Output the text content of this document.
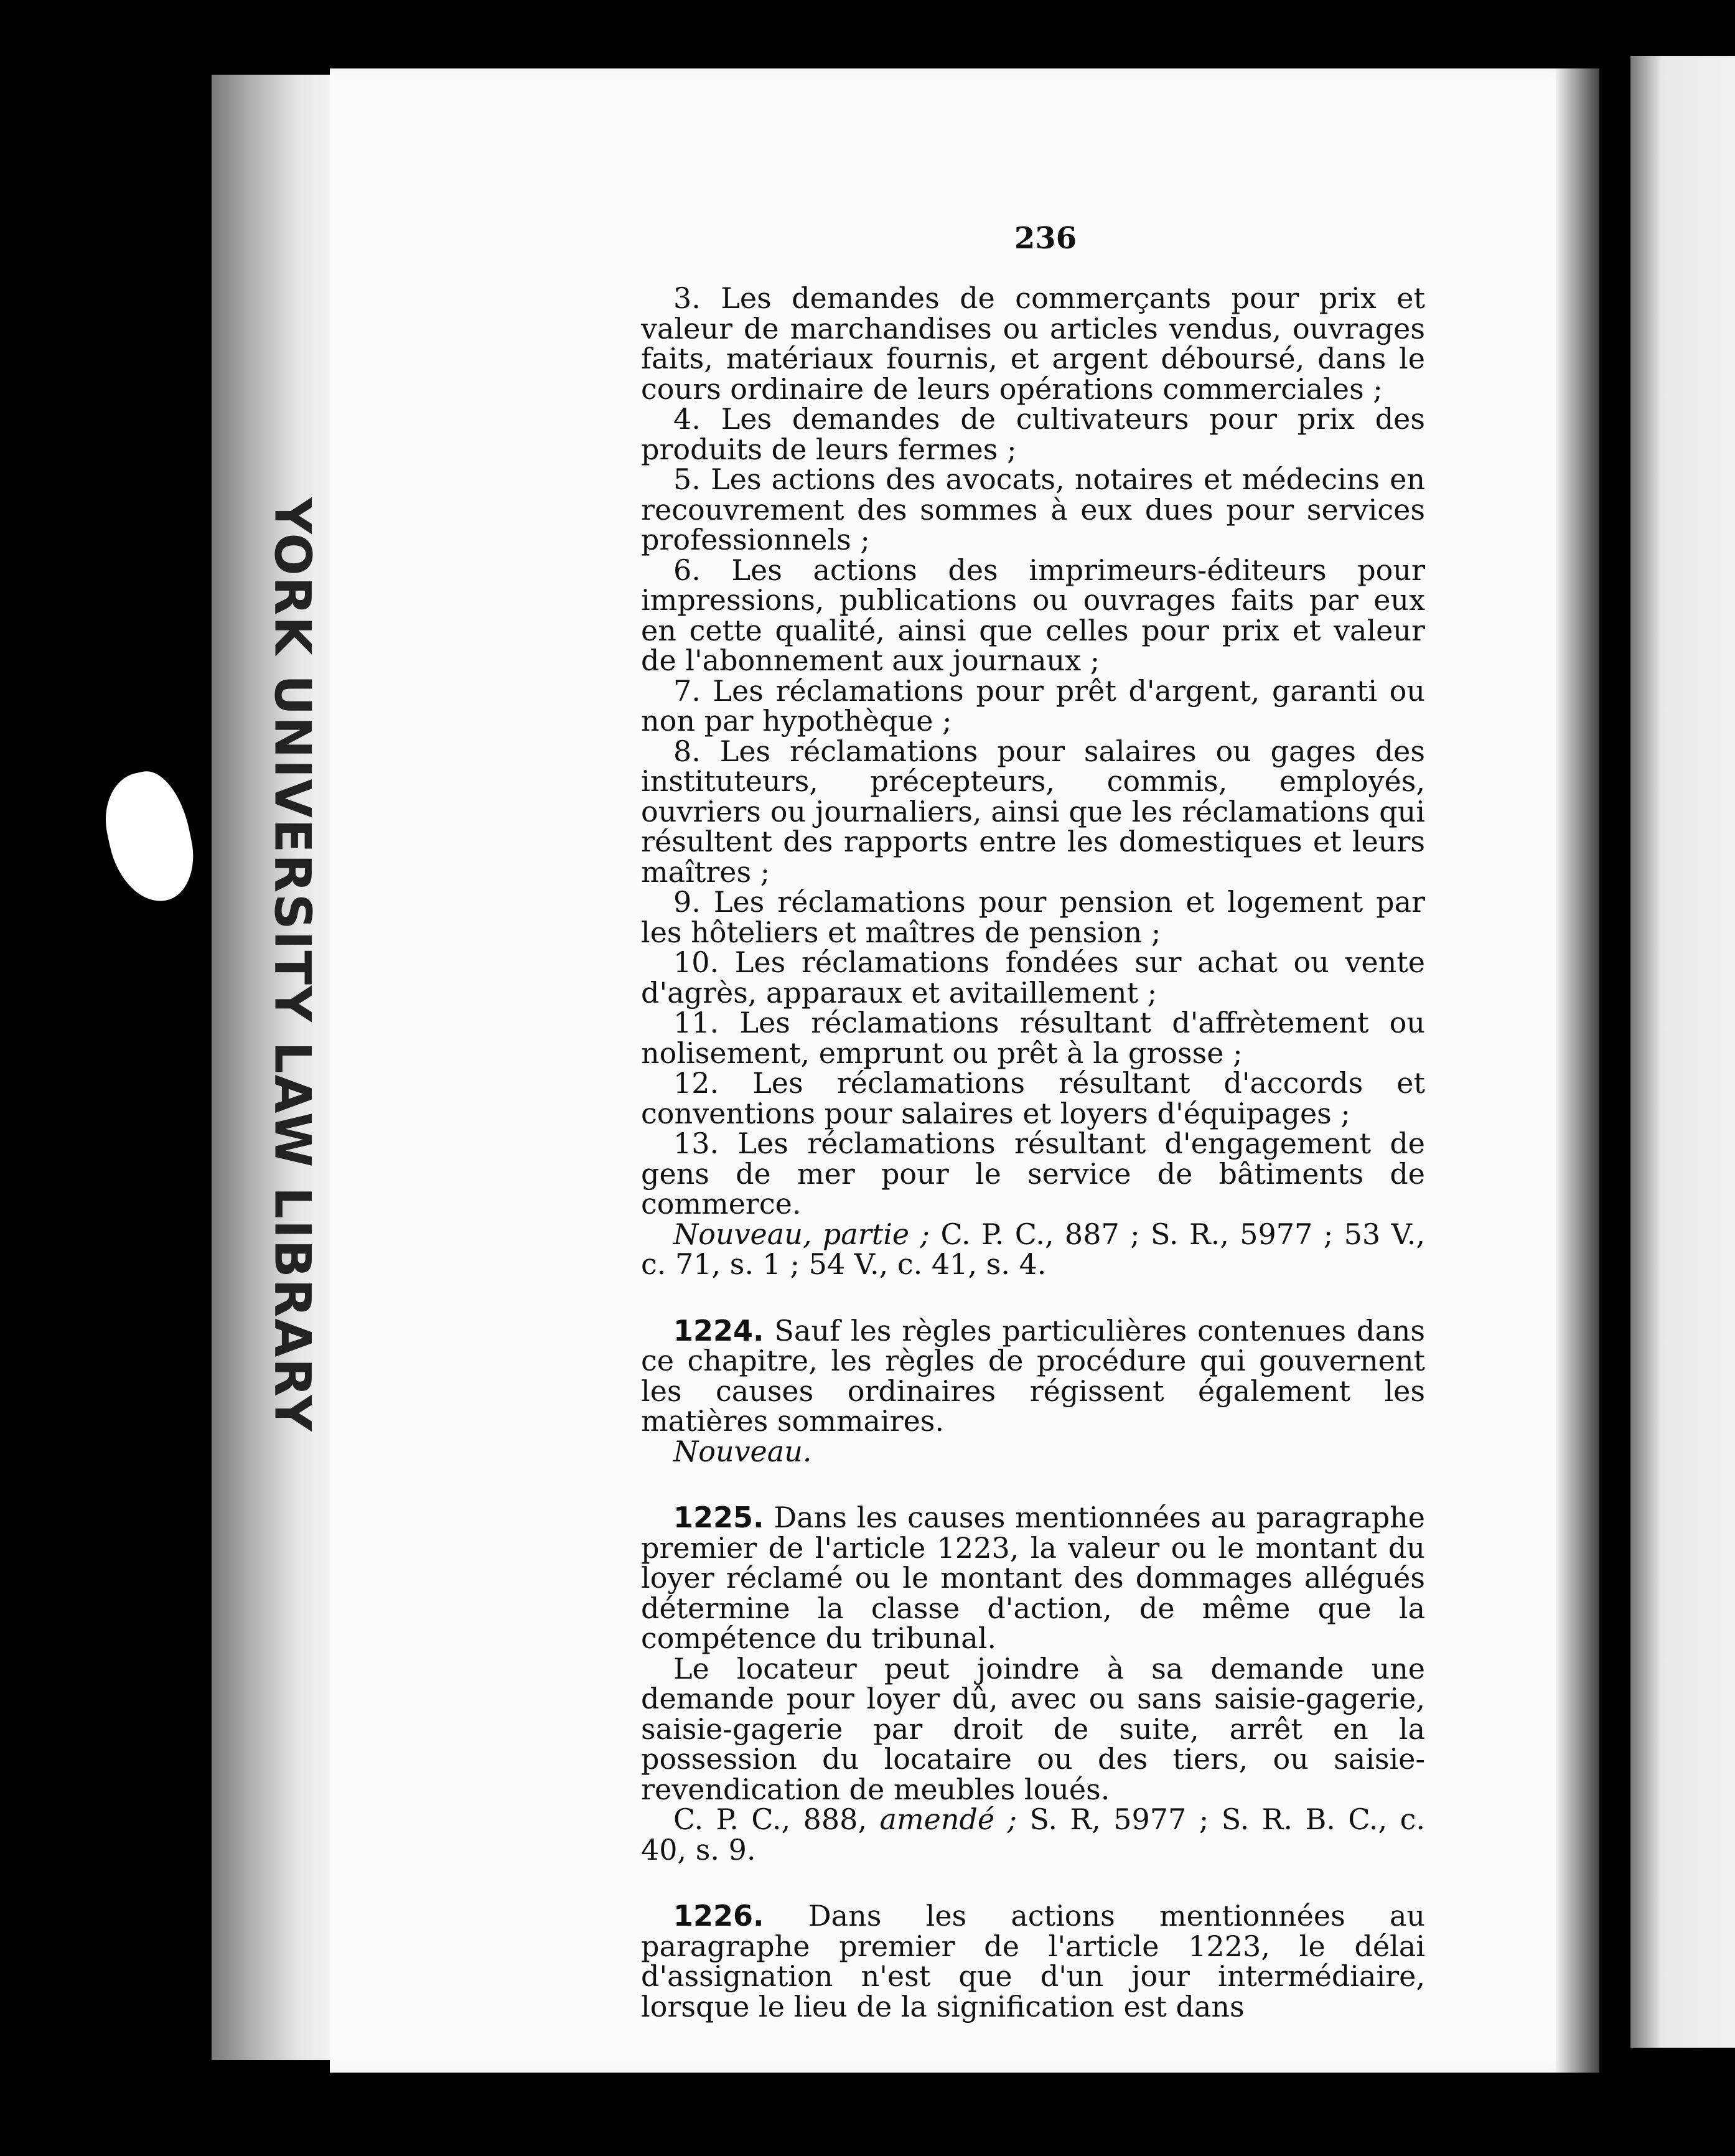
YORK UNIVERSITY LAW LIBRARY
236

3. Les demandes de commerçants pour prix et valeur de marchandises ou articles vendus, ouvrages faits, matériaux fournis, et argent déboursé, dans le cours ordinaire de leurs opérations commerciales ;

4. Les demandes de cultivateurs pour prix des produits de leurs fermes ;

5. Les actions des avocats, notaires et médecins en recouvrement des sommes à eux dues pour services professionnels ;

6. Les actions des imprimeurs-éditeurs pour impressions, publications ou ouvrages faits par eux en cette qualité, ainsi que celles pour prix et valeur de l'abonnement aux journaux ;

7. Les réclamations pour prêt d'argent, garanti ou non par hypothèque ;

8. Les réclamations pour salaires ou gages des instituteurs, précepteurs, commis, employés, ouvriers ou journaliers, ainsi que les réclamations qui résultent des rapports entre les domestiques et leurs maîtres ;

9. Les réclamations pour pension et logement par les hôteliers et maîtres de pension ;

10. Les réclamations fondées sur achat ou vente d'agrès, apparaux et avitaillement ;

11. Les réclamations résultant d'affrètement ou nolisement, emprunt ou prêt à la grosse ;

12. Les réclamations résultant d'accords et conventions pour salaires et loyers d'équipages ;

13. Les réclamations résultant d'engagement de gens de mer pour le service de bâtiments de commerce.

Nouveau, partie ; C. P. C., 887 ; S. R., 5977 ; 53 V., c. 71, s. 1 ; 54 V., c. 41, s. 4.

1224. Sauf les règles particulières contenues dans ce chapitre, les règles de procédure qui gouvernent les causes ordinaires régissent également les matières sommaires.

Nouveau.

1225. Dans les causes mentionnées au paragraphe premier de l'article 1223, la valeur ou le montant du loyer réclamé ou le montant des dommages allégués détermine la classe d'action, de même que la compétence du tribunal.

Le locateur peut joindre à sa demande une demande pour loyer dû, avec ou sans saisie-gagerie, saisie-gagerie par droit de suite, arrêt en la possession du locataire ou des tiers, ou saisie-revendication de meubles loués.

C. P. C., 888, amendé ; S. R, 5977 ; S. R. B. C., c. 40, s. 9.

1226. Dans les actions mentionnées au paragraphe premier de l'article 1223, le délai d'assignation n'est que d'un jour intermédiaire, lorsque le lieu de la signification est dans
